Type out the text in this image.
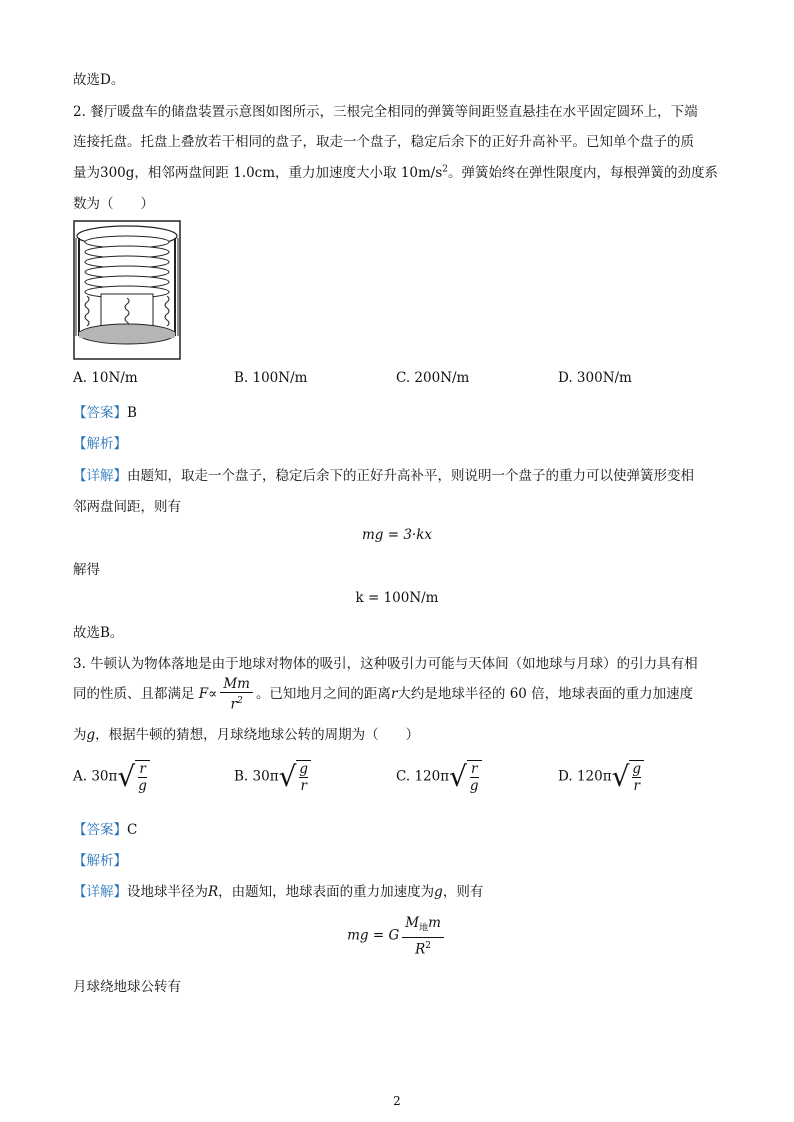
故选D。
2. 餐厅暖盘车的储盘装置示意图如图所示，三根完全相同的弹簧等间距竖直悬挂在水平固定圆环上，下端
连接托盘。托盘上叠放若干相同的盘子，取走一个盘子，稳定后余下的正好升高补平。已知单个盘子的质
量为300g，相邻两盘间距 1.0cm，重力加速度大小取 $10m/s^2$。弹簧始终在弹性限度内，每根弹簧的劲度系
数为（　　）
A. 10N/m	B. 100N/m	C. 200N/m	D. 300N/m
【答案】B
【解析】
【详解】由题知，取走一个盘子，稳定后余下的正好升高补平，则说明一个盘子的重力可以使弹簧形变相
邻两盘间距，则有
mg = 3·kx
解得
k = 100N/m
故选B。
3. 牛顿认为物体落地是由于地球对物体的吸引，这种吸引力可能与天体间（如地球与月球）的引力具有相
同的性质、且都满足 $F\propto \frac{Mm}{r^2}$ 。已知地月之间的距离r大约是地球半径的 60 倍，地球表面的重力加速度
为g，根据牛顿的猜想，月球绕地球公转的周期为（　　）
A. $30\pi√ \frac{r}{g}$	B. $30\pi√ \frac{g}{r}$	C. $120\pi√ \frac{r}{g}$	D. $120\pi√ \frac{g}{r}$
【答案】C
【解析】
【详解】设地球半径为R，由题知，地球表面的重力加速度为g，则有
mg = G $\frac{M_地m}{R^2}$
月球绕地球公转有
2
